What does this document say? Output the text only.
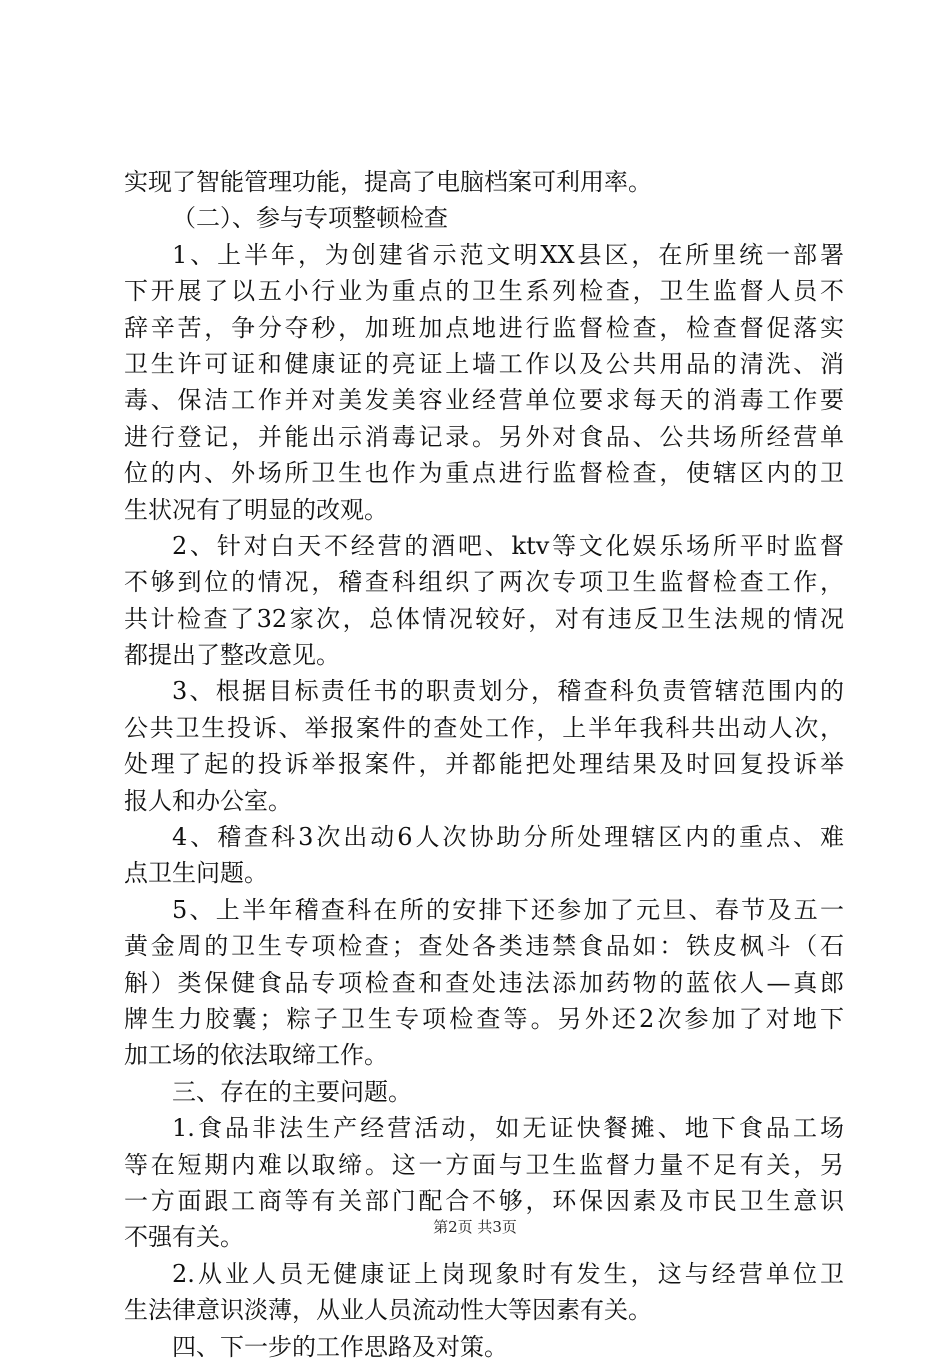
实现了智能管理功能，提高了电脑档案可利用率。
（二）、参与专项整顿检查
1、上半年，为创建省示范文明XX县区，在所里统一部署
下开展了以五小行业为重点的卫生系列检查，卫生监督人员不
辞辛苦，争分夺秒，加班加点地进行监督检查，检查督促落实
卫生许可证和健康证的亮证上墙工作以及公共用品的清洗、消
毒、保洁工作并对美发美容业经营单位要求每天的消毒工作要
进行登记，并能出示消毒记录。另外对食品、公共场所经营单
位的内、外场所卫生也作为重点进行监督检查，使辖区内的卫
生状况有了明显的改观。
2、针对白天不经营的酒吧、ktv等文化娱乐场所平时监督
不够到位的情况，稽查科组织了两次专项卫生监督检查工作，
共计检查了32家次，总体情况较好，对有违反卫生法规的情况
都提出了整改意见。
3、根据目标责任书的职责划分，稽查科负责管辖范围内的
公共卫生投诉、举报案件的查处工作，上半年我科共出动人次，
处理了起的投诉举报案件，并都能把处理结果及时回复投诉举
报人和办公室。
4、稽查科3次出动6人次协助分所处理辖区内的重点、难
点卫生问题。
5、上半年稽查科在所的安排下还参加了元旦、春节及五一
黄金周的卫生专项检查；查处各类违禁食品如：铁皮枫斗（石
斛）类保健食品专项检查和查处违法添加药物的蓝依人—真郎
牌生力胶囊；粽子卫生专项检查等。另外还2次参加了对地下
加工场的依法取缔工作。
三、存在的主要问题。
1.食品非法生产经营活动，如无证快餐摊、地下食品工场
等在短期内难以取缔。这一方面与卫生监督力量不足有关，另
一方面跟工商等有关部门配合不够，环保因素及市民卫生意识
不强有关。
2.从业人员无健康证上岗现象时有发生，这与经营单位卫
生法律意识淡薄，从业人员流动性大等因素有关。
四、下一步的工作思路及对策。
第2页 共3页
